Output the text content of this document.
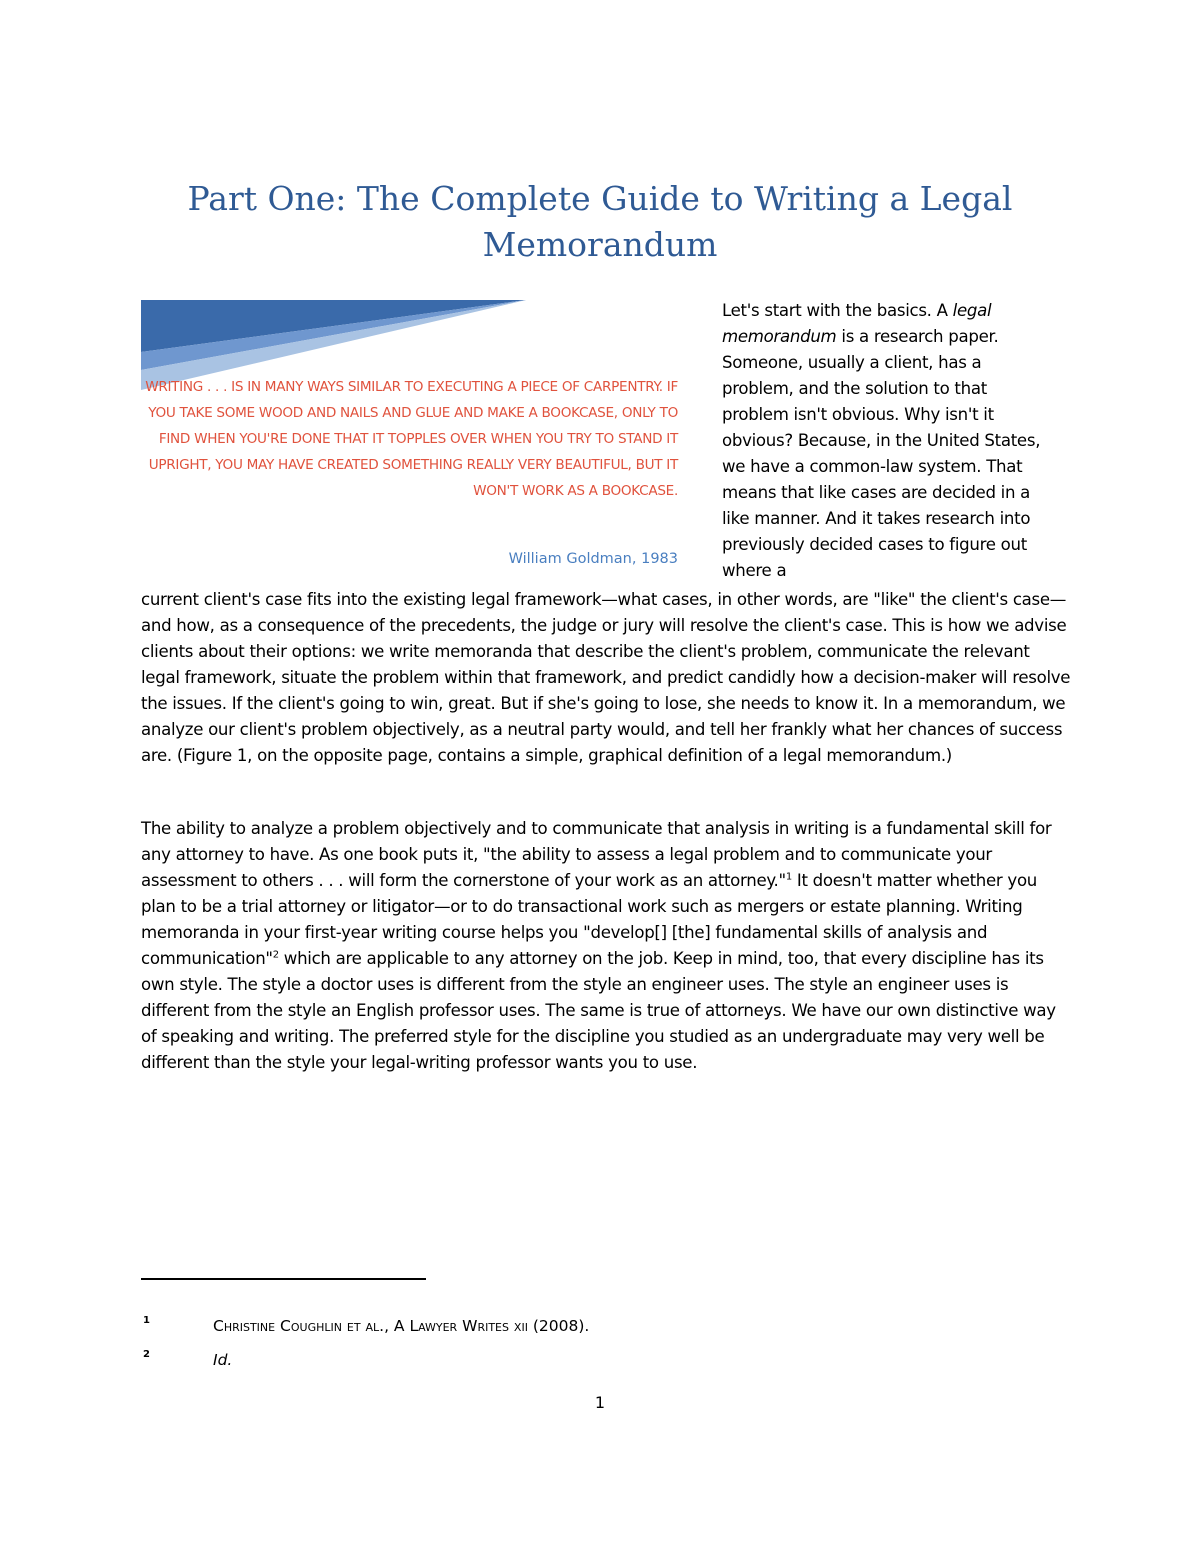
Part One: The Complete Guide to Writing a Legal Memorandum

WRITING . . . IS IN MANY WAYS SIMILAR TO EXECUTING A PIECE OF CARPENTRY. IF YOU TAKE SOME WOOD AND NAILS AND GLUE AND MAKE A BOOKCASE, ONLY TO FIND WHEN YOU'RE DONE THAT IT TOPPLES OVER WHEN YOU TRY TO STAND IT UPRIGHT, YOU MAY HAVE CREATED SOMETHING REALLY VERY BEAUTIFUL, BUT IT WON'T WORK AS A BOOKCASE.

William Goldman, 1983

Let's start with the basics. A legal memorandum is a research paper. Someone, usually a client, has a problem, and the solution to that problem isn't obvious. Why isn't it obvious? Because, in the United States, we have a common-law system. That means that like cases are decided in a like manner. And it takes research into previously decided cases to figure out where a

current client's case fits into the existing legal framework—what cases, in other words, are "like" the client's case—and how, as a consequence of the precedents, the judge or jury will resolve the client's case. This is how we advise clients about their options: we write memoranda that describe the client's problem, communicate the relevant legal framework, situate the problem within that framework, and predict candidly how a decision-maker will resolve the issues. If the client's going to win, great. But if she's going to lose, she needs to know it. In a memorandum, we analyze our client's problem objectively, as a neutral party would, and tell her frankly what her chances of success are. (Figure 1, on the opposite page, contains a simple, graphical definition of a legal memorandum.)

The ability to analyze a problem objectively and to communicate that analysis in writing is a fundamental skill for any attorney to have. As one book puts it, "the ability to assess a legal problem and to communicate your assessment to others . . . will form the cornerstone of your work as an attorney."$^1$ It doesn't matter whether you plan to be a trial attorney or litigator—or to do transactional work such as mergers or estate planning. Writing memoranda in your first-year writing course helps you "develop[] [the] fundamental skills of analysis and communication"$^2$ which are applicable to any attorney on the job. Keep in mind, too, that every discipline has its own style. The style a doctor uses is different from the style an engineer uses. The style an engineer uses is different from the style an English professor uses. The same is true of attorneys. We have our own distinctive way of speaking and writing. The preferred style for the discipline you studied as an undergraduate may very well be different than the style your legal-writing professor wants you to use.

1	Christine Coughlin et al., A Lawyer Writes xii (2008).
2	Id.

1
